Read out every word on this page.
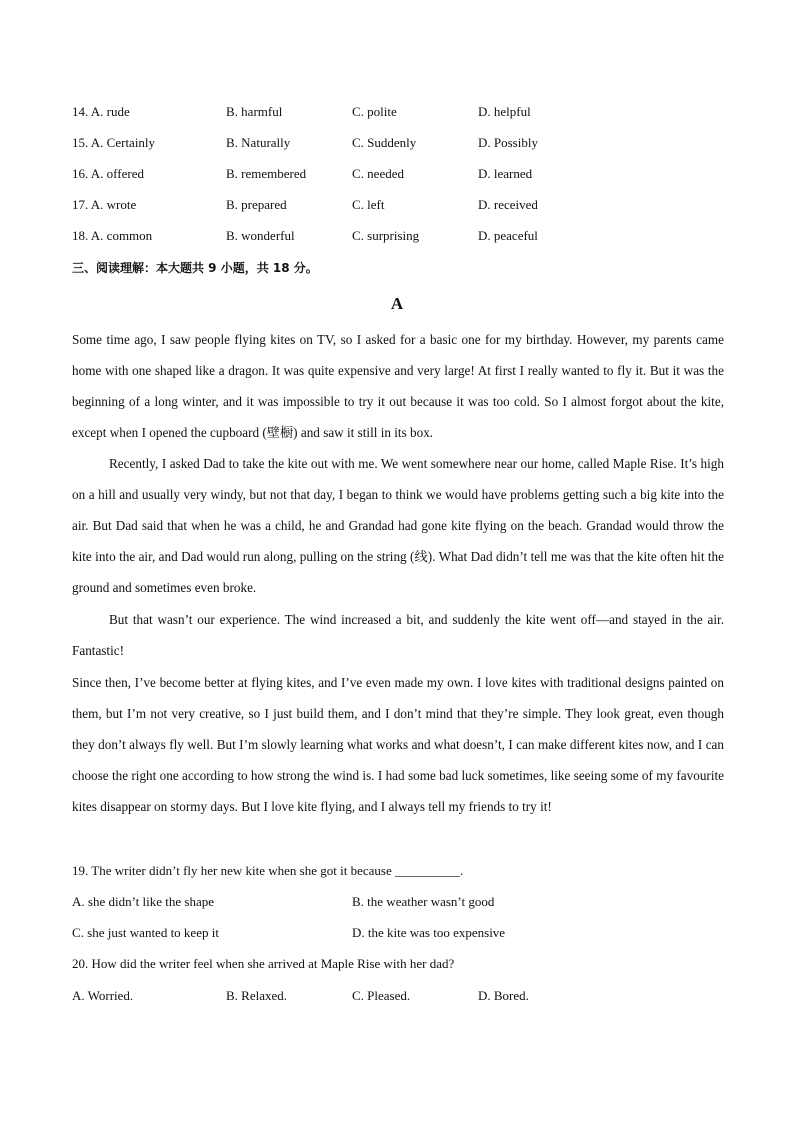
14. A. rude	B. harmful	C. polite	D. helpful
15. A. Certainly	B. Naturally	C. Suddenly	D. Possibly
16. A. offered	B. remembered	C. needed	D. learned
17. A. wrote	B. prepared	C. left	D. received
18. A. common	B. wonderful	C. surprising	D. peaceful
三、阅读理解：本大题共 9 小题，共 18 分。
A
Some time ago, I saw people flying kites on TV, so I asked for a basic one for my birthday. However, my parents came home with one shaped like a dragon. It was quite expensive and very large! At first I really wanted to fly it. But it was the beginning of a long winter, and it was impossible to try it out because it was too cold. So I almost forgot about the kite, except when I opened the cupboard (壁橱) and saw it still in its box.
Recently, I asked Dad to take the kite out with me. We went somewhere near our home, called Maple Rise. It’s high on a hill and usually very windy, but not that day, I began to think we would have problems getting such a big kite into the air. But Dad said that when he was a child, he and Grandad had gone kite flying on the beach. Grandad would throw the kite into the air, and Dad would run along, pulling on the string (线). What Dad didn’t tell me was that the kite often hit the ground and sometimes even broke.
But that wasn’t our experience. The wind increased a bit, and suddenly the kite went off—and stayed in the air. Fantastic!
Since then, I’ve become better at flying kites, and I’ve even made my own. I love kites with traditional designs painted on them, but I’m not very creative, so I just build them, and I don’t mind that they’re simple. They look great, even though they don’t always fly well. But I’m slowly learning what works and what doesn’t, I can make different kites now, and I can choose the right one according to how strong the wind is. I had some bad luck sometimes, like seeing some of my favourite kites disappear on stormy days. But I love kite flying, and I always tell my friends to try it!
19. The writer didn’t fly her new kite when she got it because __________.
A. she didn’t like the shape	B. the weather wasn’t good
C. she just wanted to keep it	D. the kite was too expensive
20. How did the writer feel when she arrived at Maple Rise with her dad?
A. Worried.	B. Relaxed.	C. Pleased.	D. Bored.
